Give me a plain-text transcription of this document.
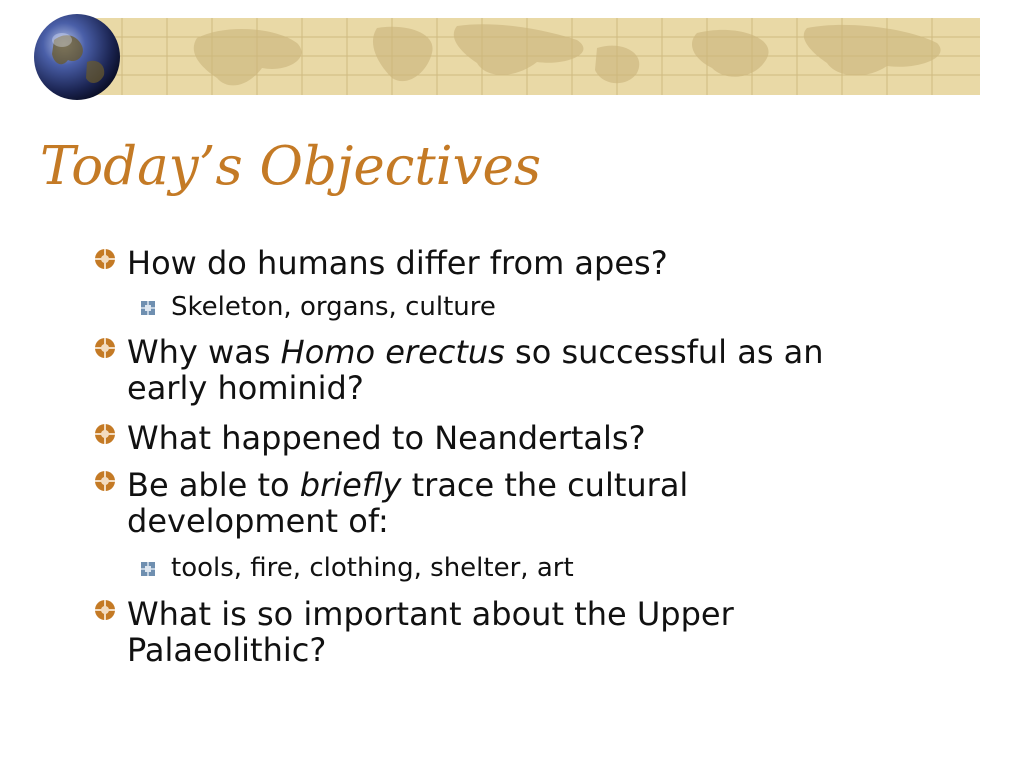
Today’s Objectives
How do humans differ from apes?
Skeleton, organs, culture
Why was Homo erectus so successful as an
early hominid?
What happened to Neandertals?
Be able to briefly trace the cultural
development of:
tools, fire, clothing, shelter, art
What is so important about the Upper
Palaeolithic?
